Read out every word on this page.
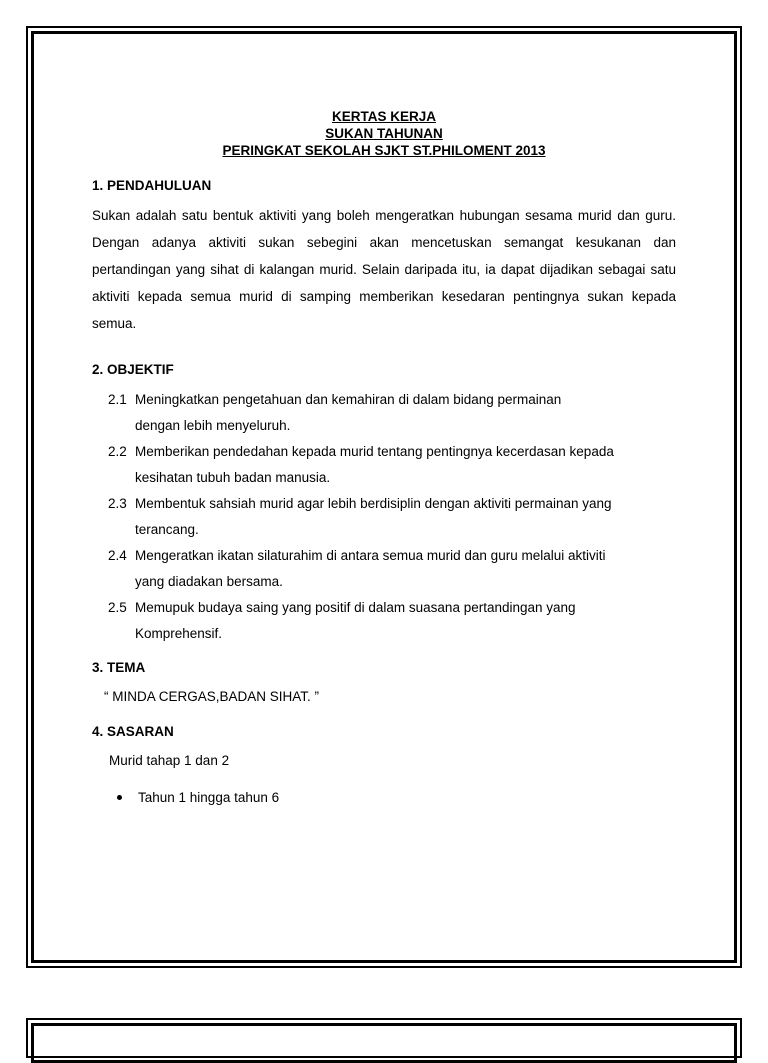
KERTAS KERJA
SUKAN TAHUNAN
PERINGKAT SEKOLAH SJKT ST.PHILOMENT 2013
1. PENDAHULUAN
Sukan adalah satu bentuk aktiviti yang boleh mengeratkan hubungan sesama murid dan guru. Dengan adanya aktiviti sukan sebegini akan mencetuskan semangat kesukanan dan pertandingan yang sihat di kalangan murid. Selain daripada itu, ia dapat dijadikan sebagai satu aktiviti kepada semua murid di samping memberikan kesedaran pentingnya sukan kepada semua.
2. OBJEKTIF
2.1 Meningkatkan pengetahuan dan kemahiran di dalam bidang permainan
dengan lebih menyeluruh.
2.2 Memberikan pendedahan kepada murid tentang pentingnya kecerdasan kepada
kesihatan tubuh badan manusia.
2.3 Membentuk sahsiah murid agar lebih berdisiplin dengan aktiviti permainan yang
terancang.
2.4 Mengeratkan ikatan silaturahim di antara semua murid dan guru melalui aktiviti
yang diadakan bersama.
2.5 Memupuk budaya saing yang positif di dalam suasana pertandingan yang
Komprehensif.
3. TEMA
“ MINDA CERGAS,BADAN SIHAT. ”
4. SASARAN
Murid tahap 1 dan 2
Tahun 1 hingga tahun 6
